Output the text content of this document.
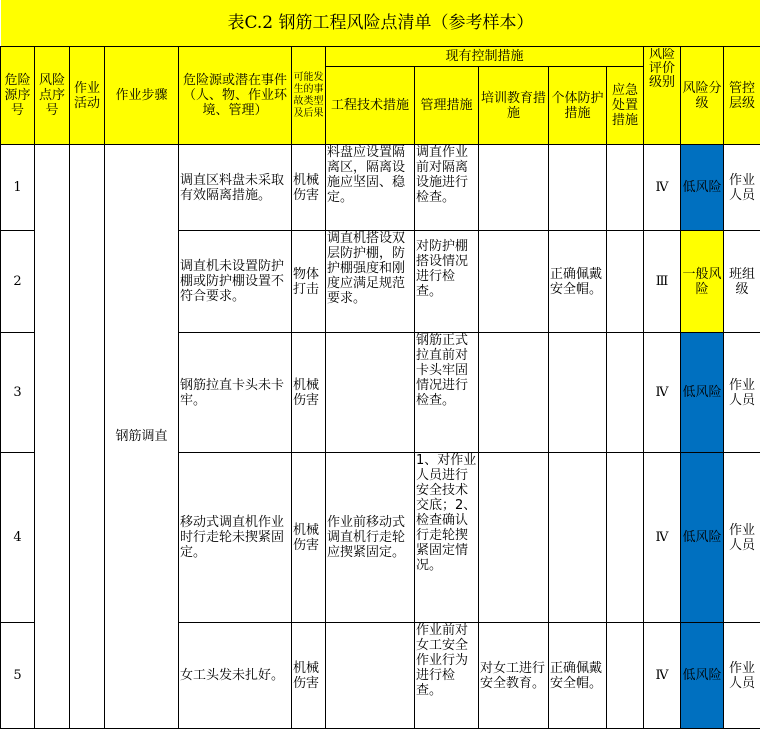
表C.2 钢筋工程风险点清单（参考样本）													
危险源序号	风险点序号	作业活动	作业步骤	危险源或潜在事件（人、物、作业环境、管理）	可能发生的事故类型及后果	现有控制措施					风险评价级别	风险分级	管控层级
						工程技术措施	管理措施	培训教育措施	个体防护措施	应急处置措施			
1			钢筋调直	调直区料盘未采取有效隔离措施。	机械伤害	料盘应设置隔离区，隔离设施应坚固、稳定。	调直作业前对隔离设施进行检查。				Ⅳ	低风险	作业人员
2				调直机未设置防护棚或防护棚设置不符合要求。	物体打击	调直机搭设双层防护棚，防护棚强度和刚度应满足规范要求。	对防护棚搭设情况进行检查。		正确佩戴安全帽。		Ⅲ	一般风险	班组级
3				钢筋拉直卡头未卡牢。	机械伤害		钢筋正式拉直前对卡头牢固情况进行检查。				Ⅳ	低风险	作业人员
4				移动式调直机作业时行走轮未揳紧固定。	机械伤害	作业前移动式调直机行走轮应揳紧固定。	1、对作业人员进行安全技术交底；2、检查确认行走轮揳紧固定情况。				Ⅳ	低风险	作业人员
5				女工头发未扎好。	机械伤害		作业前对女工安全作业行为进行检查。	对女工进行安全教育。	正确佩戴安全帽。		Ⅳ	低风险	作业人员
